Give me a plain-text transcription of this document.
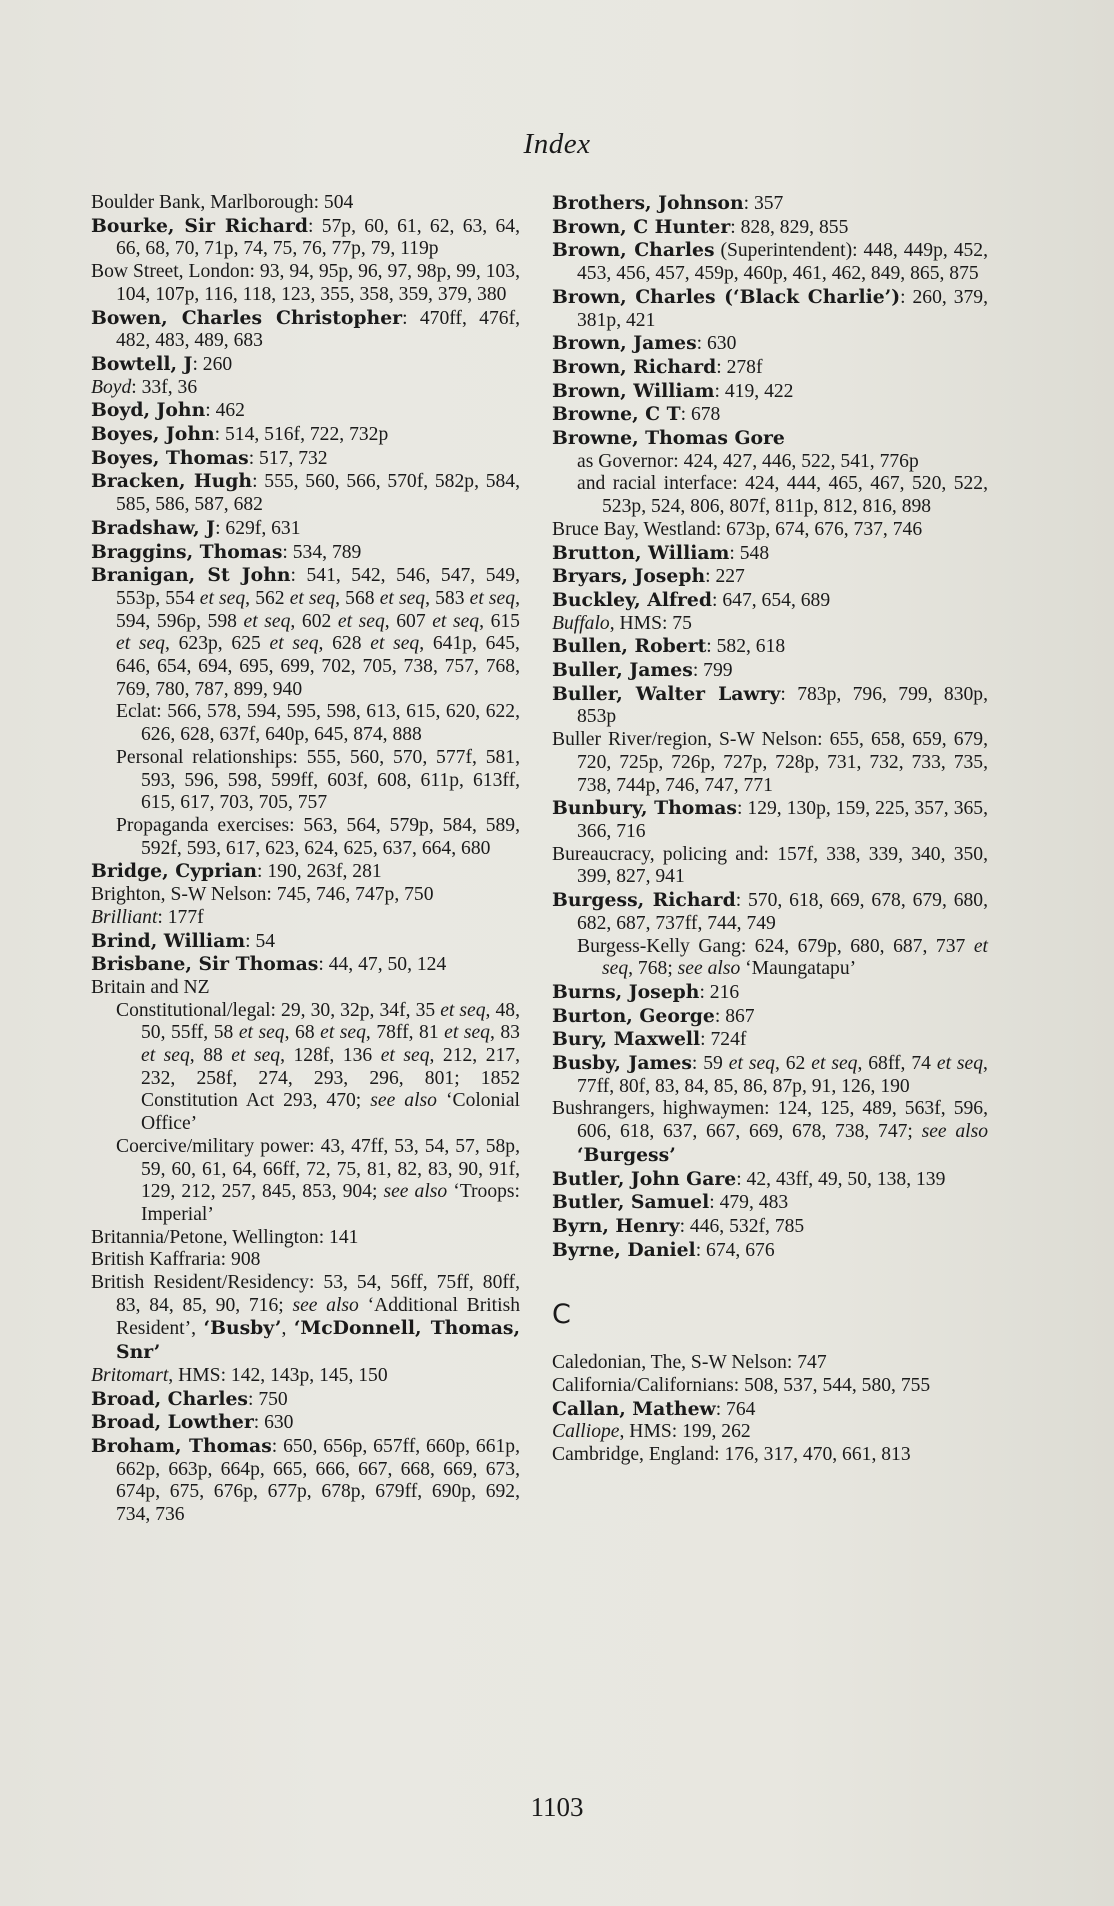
Index
Boulder Bank, Marlborough: 504
Bourke, Sir Richard: 57p, 60, 61, 62, 63, 64, 66, 68, 70, 71p, 74, 75, 76, 77p, 79, 119p
Bow Street, London: 93, 94, 95p, 96, 97, 98p, 99, 103, 104, 107p, 116, 118, 123, 355, 358, 359, 379, 380
Bowen, Charles Christopher: 470ff, 476f, 482, 483, 489, 683
Bowtell, J: 260
Boyd: 33f, 36
Boyd, John: 462
Boyes, John: 514, 516f, 722, 732p
Boyes, Thomas: 517, 732
Bracken, Hugh: 555, 560, 566, 570f, 582p, 584, 585, 586, 587, 682
Bradshaw, J: 629f, 631
Braggins, Thomas: 534, 789
Branigan, St John: 541, 542, 546, 547, 549, 553p, 554 et seq, 562 et seq, 568 et seq, 583 et seq, 594, 596p, 598 et seq, 602 et seq, 607 et seq, 615 et seq, 623p, 625 et seq, 628 et seq, 641p, 645, 646, 654, 694, 695, 699, 702, 705, 738, 757, 768, 769, 780, 787, 899, 940
Eclat: 566, 578, 594, 595, 598, 613, 615, 620, 622, 626, 628, 637f, 640p, 645, 874, 888
Personal relationships: 555, 560, 570, 577f, 581, 593, 596, 598, 599ff, 603f, 608, 611p, 613ff, 615, 617, 703, 705, 757
Propaganda exercises: 563, 564, 579p, 584, 589, 592f, 593, 617, 623, 624, 625, 637, 664, 680
Bridge, Cyprian: 190, 263f, 281
Brighton, S-W Nelson: 745, 746, 747p, 750
Brilliant: 177f
Brind, William: 54
Brisbane, Sir Thomas: 44, 47, 50, 124
Britain and NZ
Constitutional/legal: 29, 30, 32p, 34f, 35 et seq, 48, 50, 55ff, 58 et seq, 68 et seq, 78ff, 81 et seq, 83 et seq, 88 et seq, 128f, 136 et seq, 212, 217, 232, 258f, 274, 293, 296, 801; 1852 Constitution Act 293, 470; see also ‘Colonial Office’
Coercive/military power: 43, 47ff, 53, 54, 57, 58p, 59, 60, 61, 64, 66ff, 72, 75, 81, 82, 83, 90, 91f, 129, 212, 257, 845, 853, 904; see also ‘Troops: Imperial’
Britannia/Petone, Wellington: 141
British Kaffraria: 908
British Resident/Residency: 53, 54, 56ff, 75ff, 80ff, 83, 84, 85, 90, 716; see also ‘Additional British Resident’, ‘Busby’, ‘McDonnell, Thomas, Snr’
Britomart, HMS: 142, 143p, 145, 150
Broad, Charles: 750
Broad, Lowther: 630
Broham, Thomas: 650, 656p, 657ff, 660p, 661p, 662p, 663p, 664p, 665, 666, 667, 668, 669, 673, 674p, 675, 676p, 677p, 678p, 679ff, 690p, 692, 734, 736
Brothers, Johnson: 357
Brown, C Hunter: 828, 829, 855
Brown, Charles (Superintendent): 448, 449p, 452, 453, 456, 457, 459p, 460p, 461, 462, 849, 865, 875
Brown, Charles (‘Black Charlie’): 260, 379, 381p, 421
Brown, James: 630
Brown, Richard: 278f
Brown, William: 419, 422
Browne, C T: 678
Browne, Thomas Gore
as Governor: 424, 427, 446, 522, 541, 776p
and racial interface: 424, 444, 465, 467, 520, 522, 523p, 524, 806, 807f, 811p, 812, 816, 898
Bruce Bay, Westland: 673p, 674, 676, 737, 746
Brutton, William: 548
Bryars, Joseph: 227
Buckley, Alfred: 647, 654, 689
Buffalo, HMS: 75
Bullen, Robert: 582, 618
Buller, James: 799
Buller, Walter Lawry: 783p, 796, 799, 830p, 853p
Buller River/region, S-W Nelson: 655, 658, 659, 679, 720, 725p, 726p, 727p, 728p, 731, 732, 733, 735, 738, 744p, 746, 747, 771
Bunbury, Thomas: 129, 130p, 159, 225, 357, 365, 366, 716
Bureaucracy, policing and: 157f, 338, 339, 340, 350, 399, 827, 941
Burgess, Richard: 570, 618, 669, 678, 679, 680, 682, 687, 737ff, 744, 749
Burgess-Kelly Gang: 624, 679p, 680, 687, 737 et seq, 768; see also ‘Maungatapu’
Burns, Joseph: 216
Burton, George: 867
Bury, Maxwell: 724f
Busby, James: 59 et seq, 62 et seq, 68ff, 74 et seq, 77ff, 80f, 83, 84, 85, 86, 87p, 91, 126, 190
Bushrangers, highwaymen: 124, 125, 489, 563f, 596, 606, 618, 637, 667, 669, 678, 738, 747; see also ‘Burgess’
Butler, John Gare: 42, 43ff, 49, 50, 138, 139
Butler, Samuel: 479, 483
Byrn, Henry: 446, 532f, 785
Byrne, Daniel: 674, 676
C
Caledonian, The, S-W Nelson: 747
California/Californians: 508, 537, 544, 580, 755
Callan, Mathew: 764
Calliope, HMS: 199, 262
Cambridge, England: 176, 317, 470, 661, 813
1103
